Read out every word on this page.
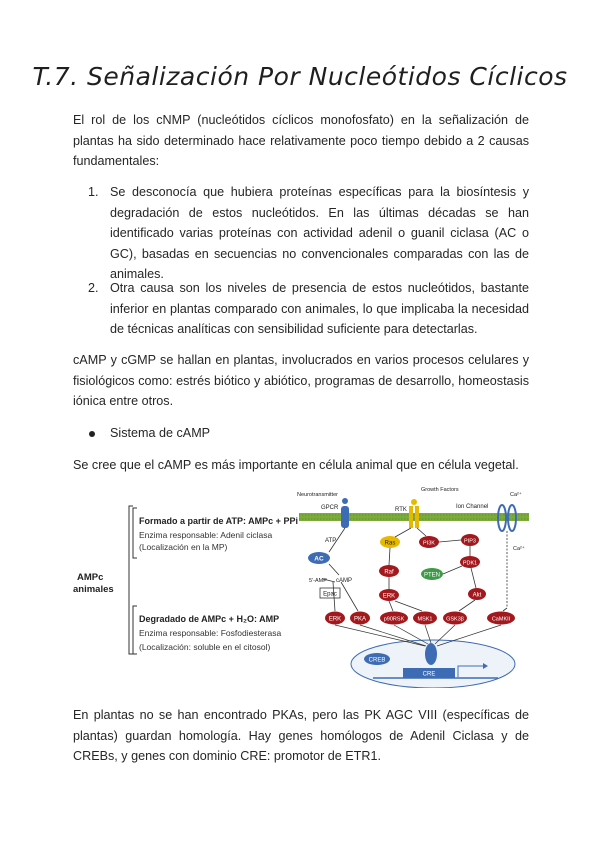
T.7. Señalización Por Nucleótidos Cíclicos
El rol de los cNMP (nucleótidos cíclicos monofosfato) en la señalización de plantas ha sido determinado hace relativamente poco tiempo debido a 2 causas fundamentales:
1. Se desconocía que hubiera proteínas específicas para la biosíntesis y degradación de estos nucleótidos. En las últimas décadas se han identificado varias proteínas con actividad adenil o guanil ciclasa (AC o GC), basadas en secuencias no convencionales comparadas con las de animales.
2. Otra causa son los niveles de presencia de estos nucleótidos, bastante inferior en plantas comparado con animales, lo que implicaba la necesidad de técnicas analíticas con sensibilidad suficiente para detectarlas.
cAMP y cGMP se hallan en plantas, involucrados en varios procesos celulares y fisiológicos como: estrés biótico y abiótico, programas de desarrollo, homeostasis iónica entre otros.
Sistema de cAMP
Se cree que el cAMP es más importante en célula animal que en célula vegetal.
AMPc
animales
Formado a partir de ATP: AMPc + PPi
Enzima responsable: Adenil ciclasa
(Localización en la MP)
Degradado de AMPc + H₂O: AMP
Enzima responsable: Fosfodiesterasa
(Localización: soluble en el citosol)
Neurotransmitter
GPCR
Growth Factors
RTK	Ion Channel
Ca²⁺
Ca²⁺
ATP
AC
5'-AMP cAMP
Epac
Ras	PI3K	PIP3
Raf	PTEN
PDK1
ERK	Akt
ERK PKA	p90RSK MSK1 GSK3β	CaMKII
CREB
CRE
En plantas no se han encontrado PKAs, pero las PK AGC VIII (específicas de plantas) guardan homología. Hay genes homólogos de Adenil Ciclasa y de CREBs, y genes con dominio CRE: promotor de ETR1.
